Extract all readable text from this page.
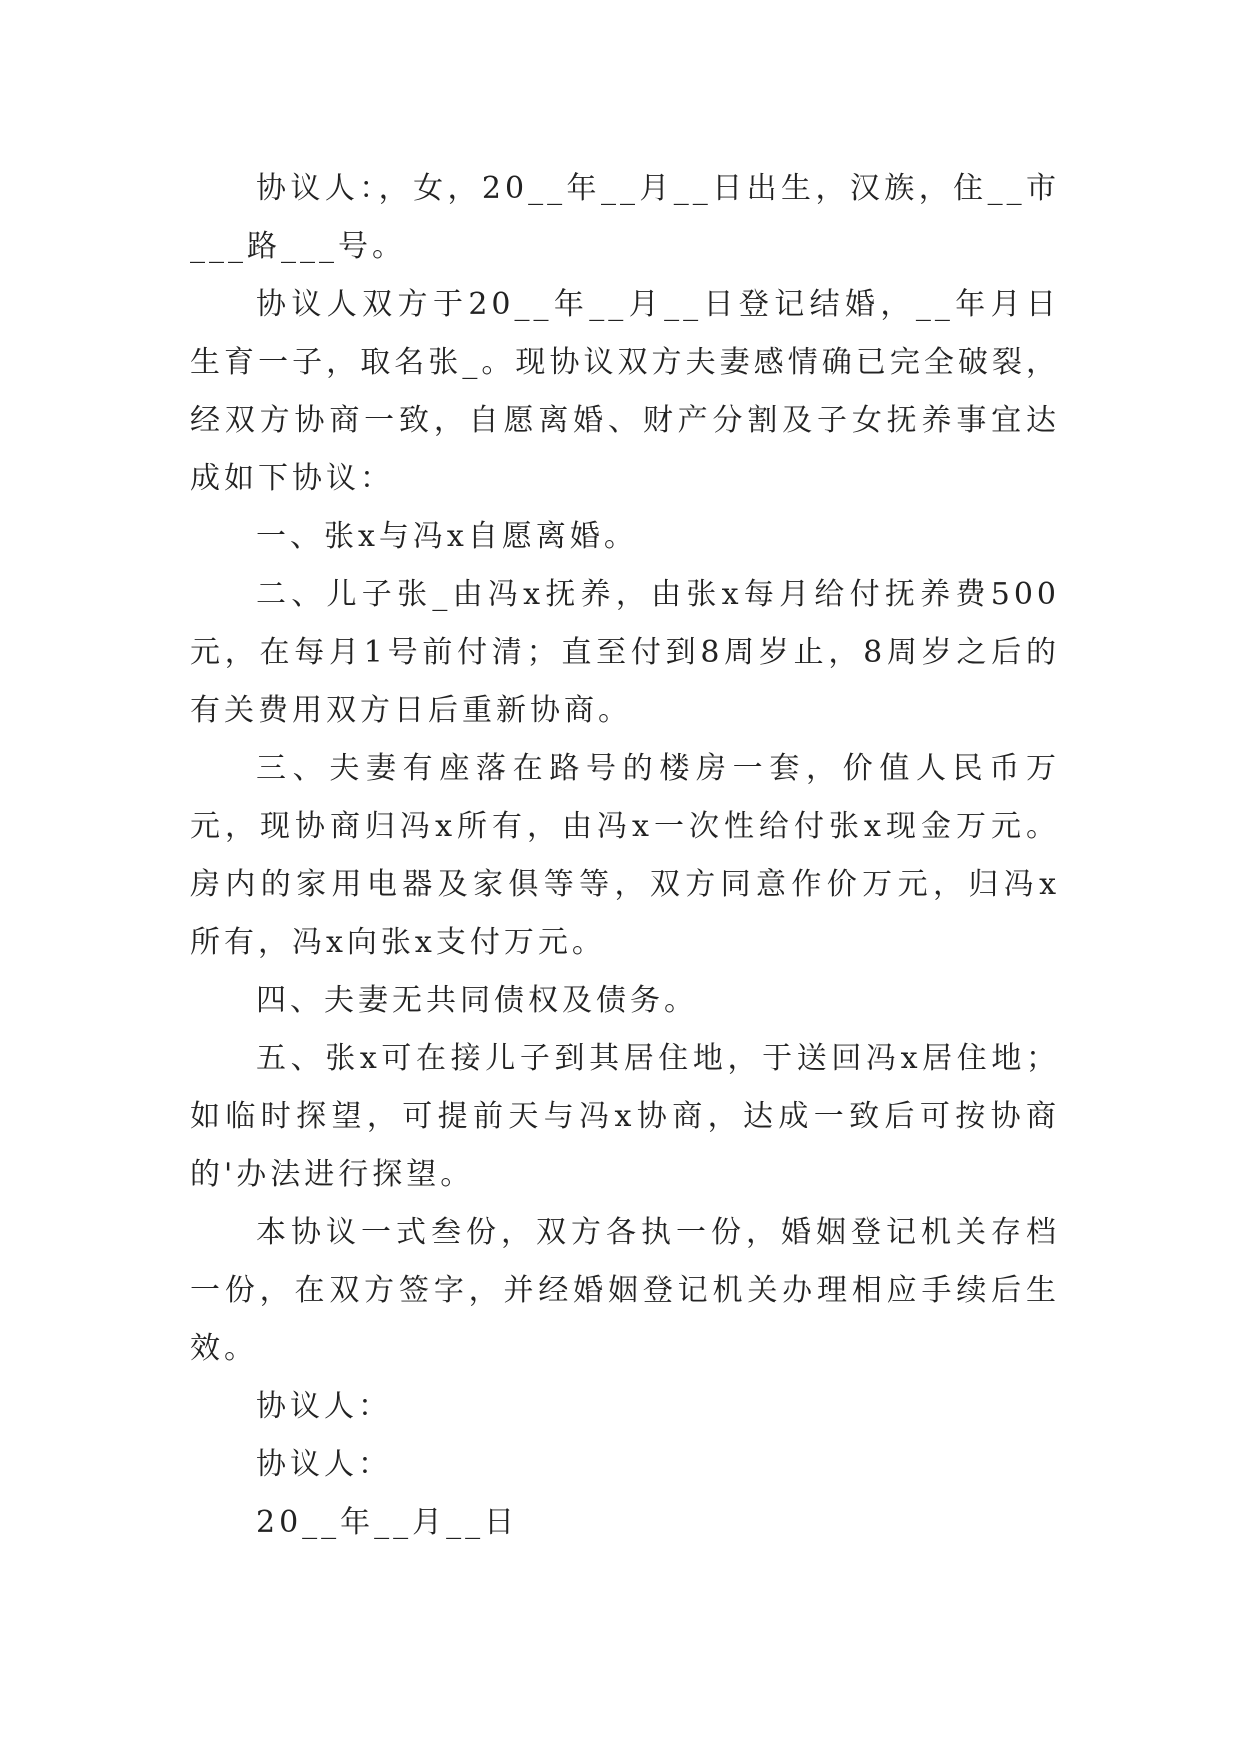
协议人：，女，20__年__月__日出生，汉族，住__市___路___号。

协议人双方于20__年__月__日登记结婚，__年月日生育一子，取名张_。现协议双方夫妻感情确已完全破裂，经双方协商一致，自愿离婚、财产分割及子女抚养事宜达成如下协议：

一、张x与冯x自愿离婚。

二、儿子张_由冯x抚养，由张x每月给付抚养费500元，在每月1号前付清；直至付到8周岁止，8周岁之后的有关费用双方日后重新协商。

三、夫妻有座落在路号的楼房一套，价值人民币万元，现协商归冯x所有，由冯x一次性给付张x现金万元。房内的家用电器及家俱等等，双方同意作价万元，归冯x所有，冯x向张x支付万元。

四、夫妻无共同债权及债务。

五、张x可在接儿子到其居住地，于送回冯x居住地；如临时探望，可提前天与冯x协商，达成一致后可按协商的'办法进行探望。

本协议一式叁份，双方各执一份，婚姻登记机关存档一份，在双方签字，并经婚姻登记机关办理相应手续后生效。

协议人：

协议人：

20__年__月__日
